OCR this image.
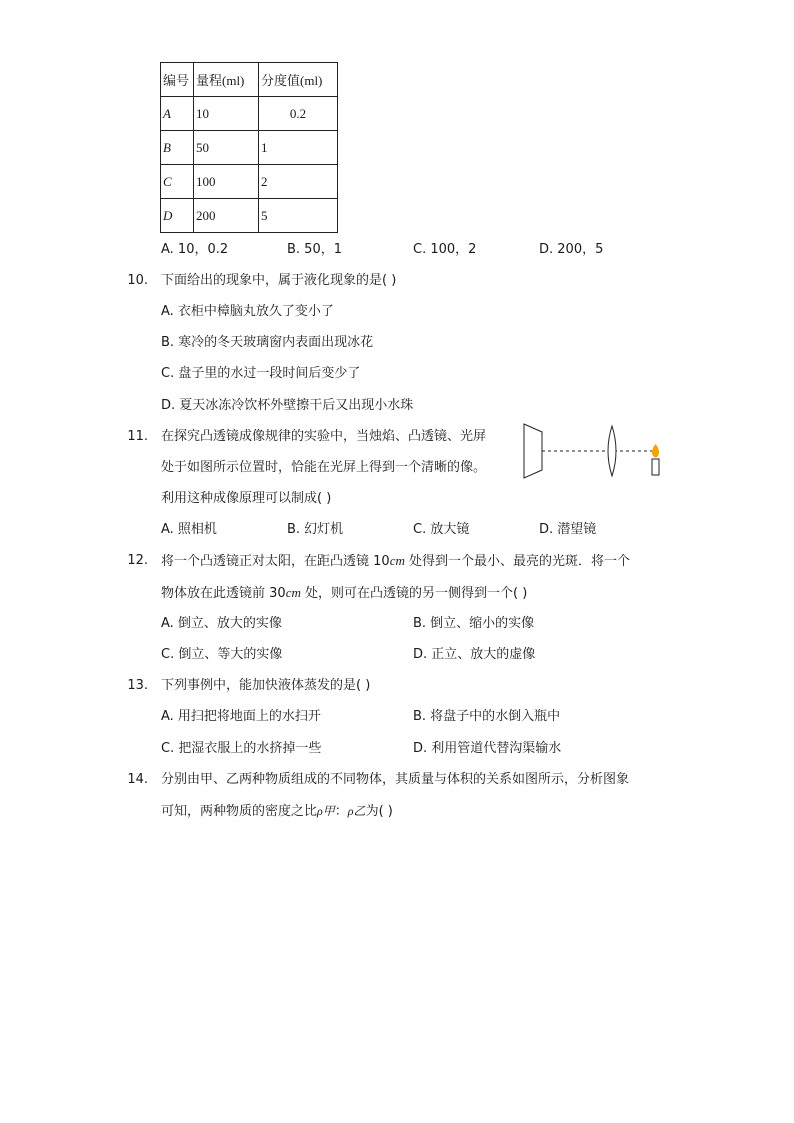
编号	量程(ml)	分度值(ml)
A	10	0.2
B	50	1
C	100	2
D	200	5
A. 10，0.2	B. 50，1	C. 100，2	D. 200，5
10. 下面给出的现象中，属于液化现象的是( )
A. 衣柜中樟脑丸放久了变小了
B. 寒冷的冬天玻璃窗内表面出现冰花
C. 盘子里的水过一段时间后变少了
D. 夏天冰冻冷饮杯外壁擦干后又出现小水珠
11. 在探究凸透镜成像规律的实验中，当烛焰、凸透镜、光屏
处于如图所示位置时，恰能在光屏上得到一个清晰的像。
利用这种成像原理可以制成( )
A. 照相机	B. 幻灯机	C. 放大镜	D. 潜望镜
12. 将一个凸透镜正对太阳，在距凸透镜 10cm 处得到一个最小、最亮的光斑．将一个
物体放在此透镜前 30cm 处，则可在凸透镜的另一侧得到一个( )
A. 倒立、放大的实像	B. 倒立、缩小的实像
C. 倒立、等大的实像	D. 正立、放大的虚像
13. 下列事例中，能加快液体蒸发的是( )
A. 用扫把将地面上的水扫开	B. 将盘子中的水倒入瓶中
C. 把湿衣服上的水挤掉一些	D. 利用管道代替沟渠输水
14. 分别由甲、乙两种物质组成的不同物体，其质量与体积的关系如图所示，分析图象
可知，两种物质的密度之比ρ甲：ρ乙为( )
